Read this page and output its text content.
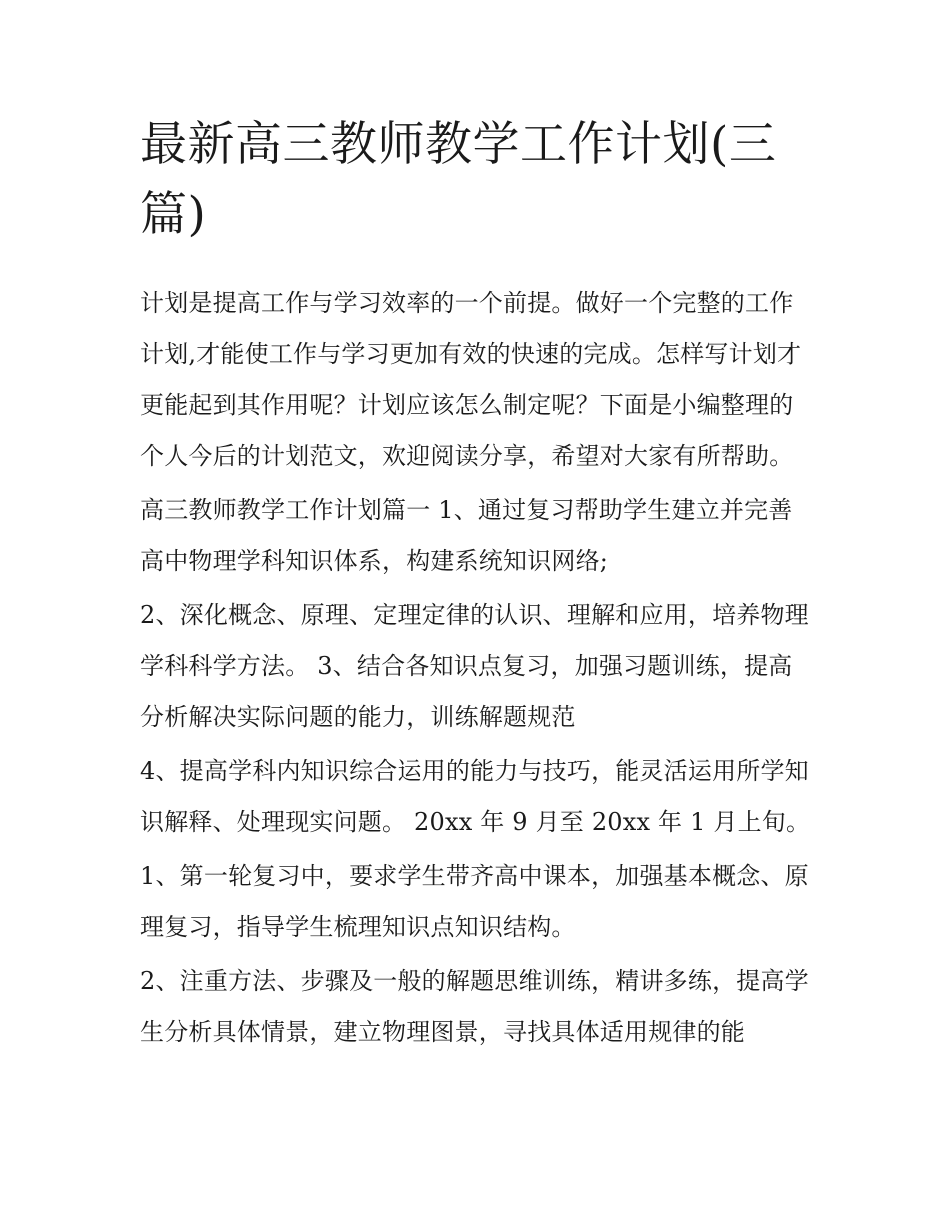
最新高三教师教学工作计划(三篇)

计划是提高工作与学习效率的一个前提。做好一个完整的工作计划,才能使工作与学习更加有效的快速的完成。怎样写计划才更能起到其作用呢？计划应该怎么制定呢？下面是小编整理的个人今后的计划范文，欢迎阅读分享，希望对大家有所帮助。

高三教师教学工作计划篇一 1、通过复习帮助学生建立并完善高中物理学科知识体系，构建系统知识网络;

2、深化概念、原理、定理定律的认识、理解和应用，培养物理学科科学方法。 3、结合各知识点复习，加强习题训练，提高分析解决实际问题的能力，训练解题规范

4、提高学科内知识综合运用的能力与技巧，能灵活运用所学知识解释、处理现实问题。 20xx 年 9 月至 20xx 年 1 月上旬。

1、第一轮复习中，要求学生带齐高中课本，加强基本概念、原理复习，指导学生梳理知识点知识结构。

2、注重方法、步骤及一般的解题思维训练，精讲多练，提高学生分析具体情景，建立物理图景，寻找具体适用规律的能
